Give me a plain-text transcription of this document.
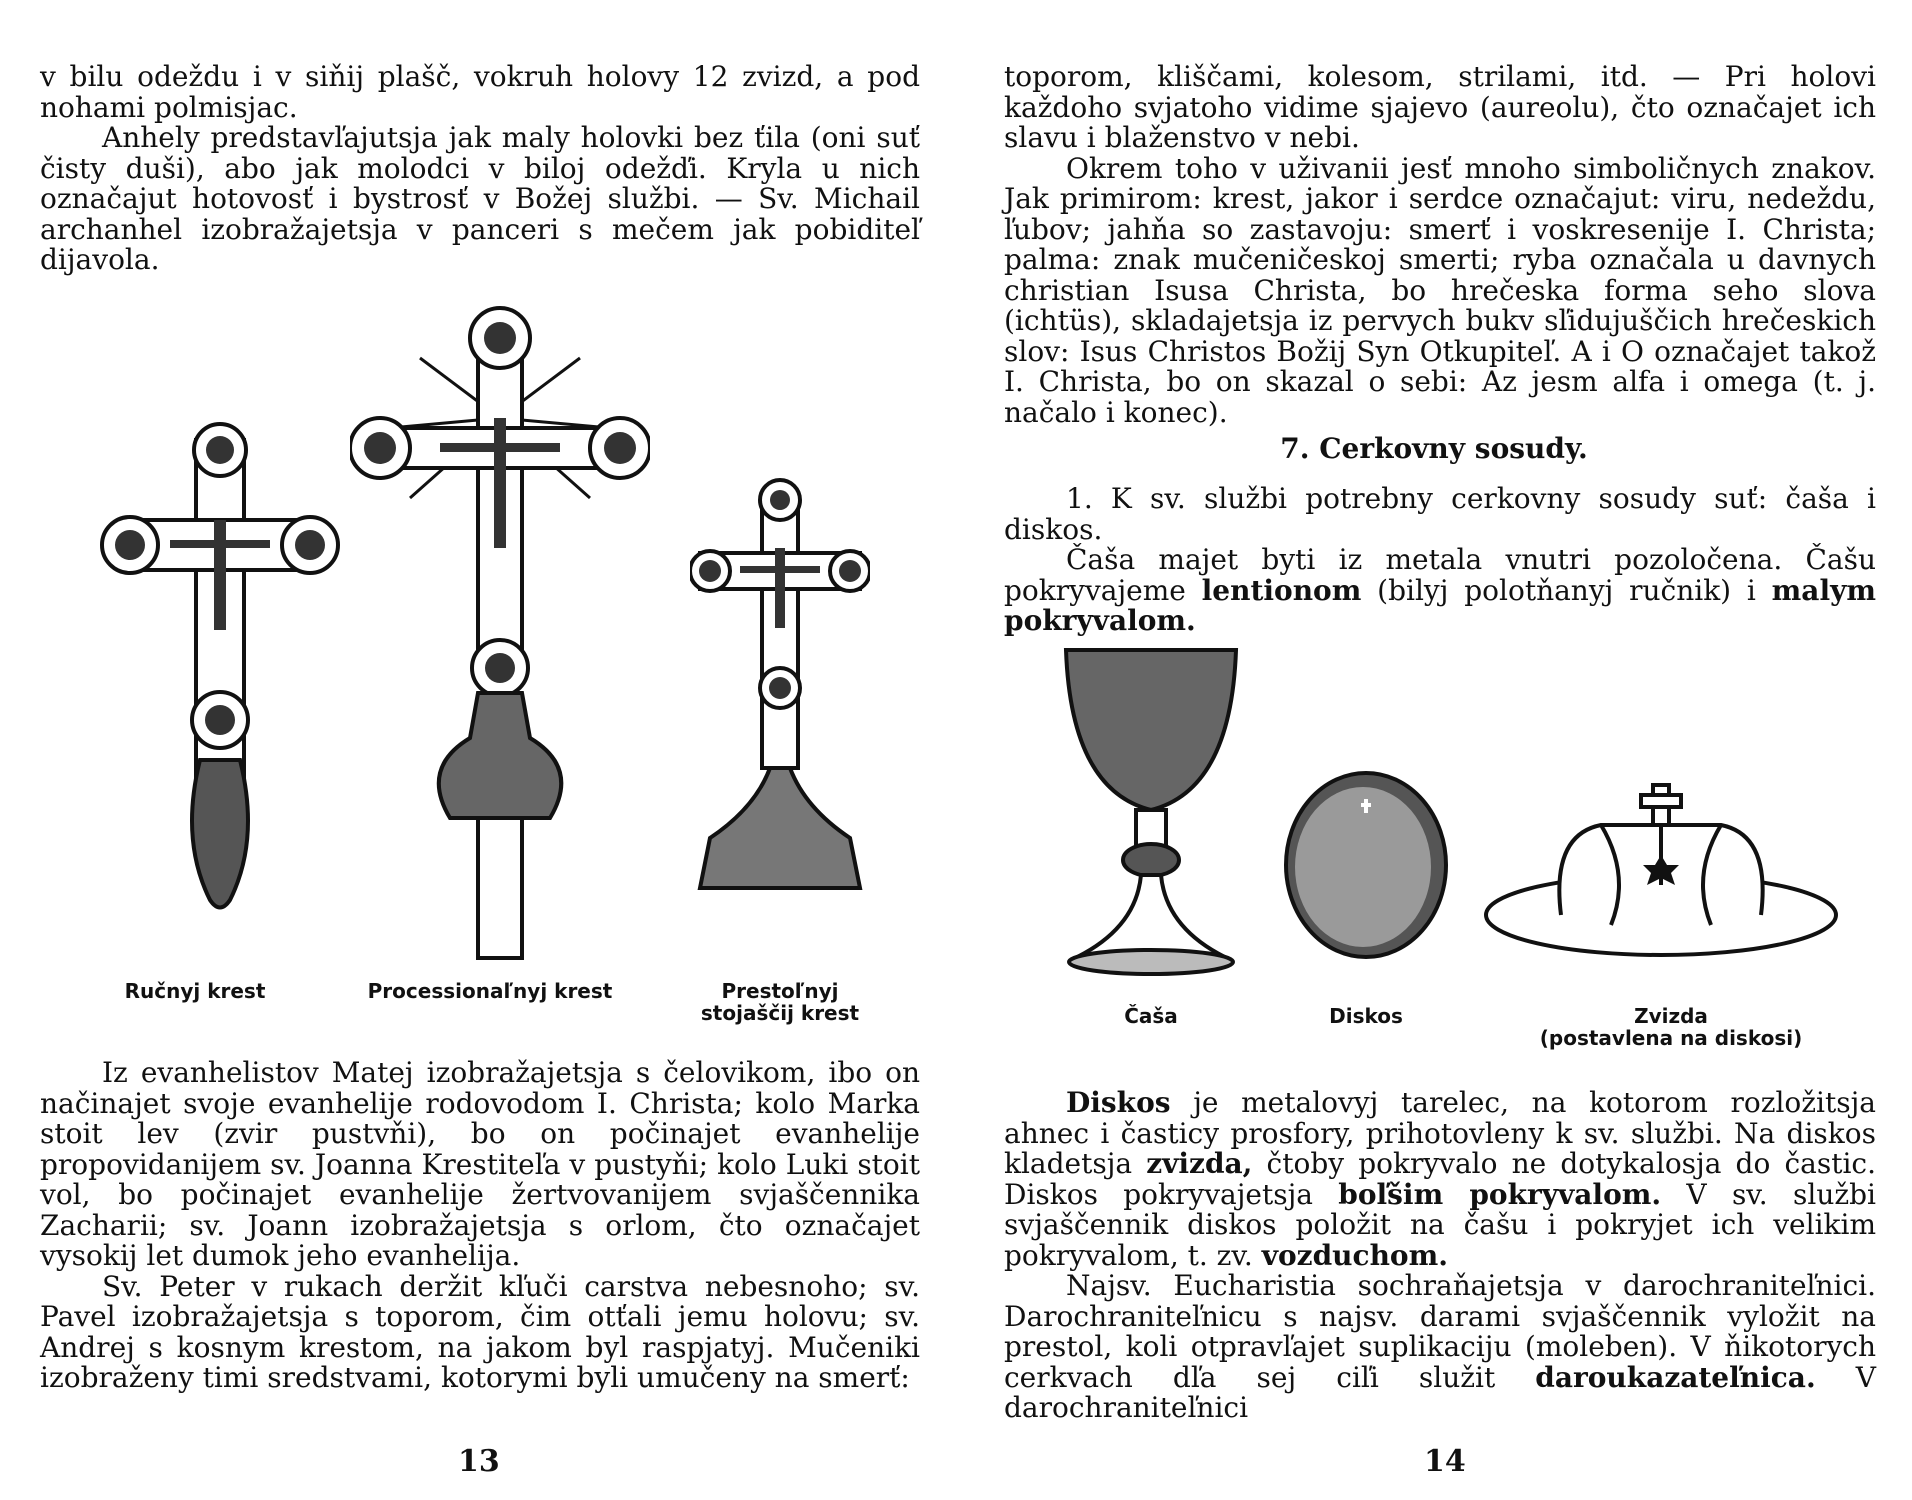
v bilu odeždu i v siňij plašč, vokruh holovy 12 zvizd, a pod nohami polmisjac.

Anhely predstavľajutsja jak maly holovki bez ťila (oni suť čisty duši), abo jak molodci v biloj odežďi. Kryla u nich označajut hotovosť i bystrosť v Božej službi. — Sv. Michail archanhel izobražajetsja v panceri s mečem jak pobiditeľ dijavola.

Ručnyj krest	Processionaľnyj krest	Prestoľnyj
stojaščij krest

Iz evanhelistov Matej izobražajetsja s čelovikom, ibo on načinajet svoje evanhelije rodovodom I. Christa; kolo Marka stoit lev (zvir pustvňi), bo on počinajet evanhelije propovidanijem sv. Joanna Krestiteľa v pustyňi; kolo Luki stoit vol, bo počinajet evanhelije žertvovanijem svjaščennika Zacharii; sv. Joann izobražajetsja s orlom, čto označajet vysokij let dumok jeho evanhelija.

Sv. Peter v rukach deržit kľuči carstva nebesnoho; sv. Pavel izobražajetsja s toporom, čim otťali jemu holovu; sv. Andrej s kosnym krestom, na jakom byl raspjatyj. Mučeniki izobraženy timi sredstvami, kotorymi byli umučeny na smerť:

13

toporom, kliščami, kolesom, strilami, itd. — Pri holovi každoho svjatoho vidime sjajevo (aureolu), čto označajet ich slavu i blaženstvo v nebi.

Okrem toho v uživanii jesť mnoho simboličnych znakov. Jak primirom: krest, jakor i serdce označajut: viru, nedeždu, ľubov; jahňa so zastavoju: smerť i voskresenije I. Christa; palma: znak mučeničeskoj smerti; ryba označala u davnych christian Isusa Christa, bo hrečeska forma seho slova (ichtüs), skladajetsja iz pervych bukv sľidujuščich hrečeskich slov: Isus Christos Božij Syn Otkupiteľ. A i O označajet takož I. Christa, bo on skazal o sebi: Az jesm alfa i omega (t. j. načalo i konec).

7. Cerkovny sosudy.

1. K sv. službi potrebny cerkovny sosudy suť: čaša i diskos.

Čaša majet byti iz metala vnutri pozoločena. Čašu pokryvajeme lentionom (bilyj polotňanyj ručnik) i malym pokryvalom.

Čaša	Diskos	Zvizda
(postavlena na diskosi)

Diskos je metalovyj tarelec, na kotorom rozložitsja ahnec i časticy prosfory, prihotovleny k sv. službi. Na diskos kladetsja zvizda, čtoby pokryvalo ne dotykalosja do častic. Diskos pokryvajetsja boľšim pokryvalom. V sv. službi svjaščennik diskos položit na čašu i pokryjet ich velikim pokryvalom, t. zv. vozduchom.

Najsv. Eucharistia sochraňajetsja v darochraniteľnici. Darochraniteľnicu s najsv. darami svjaščennik vyložit na prestol, koli otpravľajet suplikaciju (moleben). V ňikotorych cerkvach dľa sej ciľi služit daroukazateľnica. V darochraniteľnici

14
